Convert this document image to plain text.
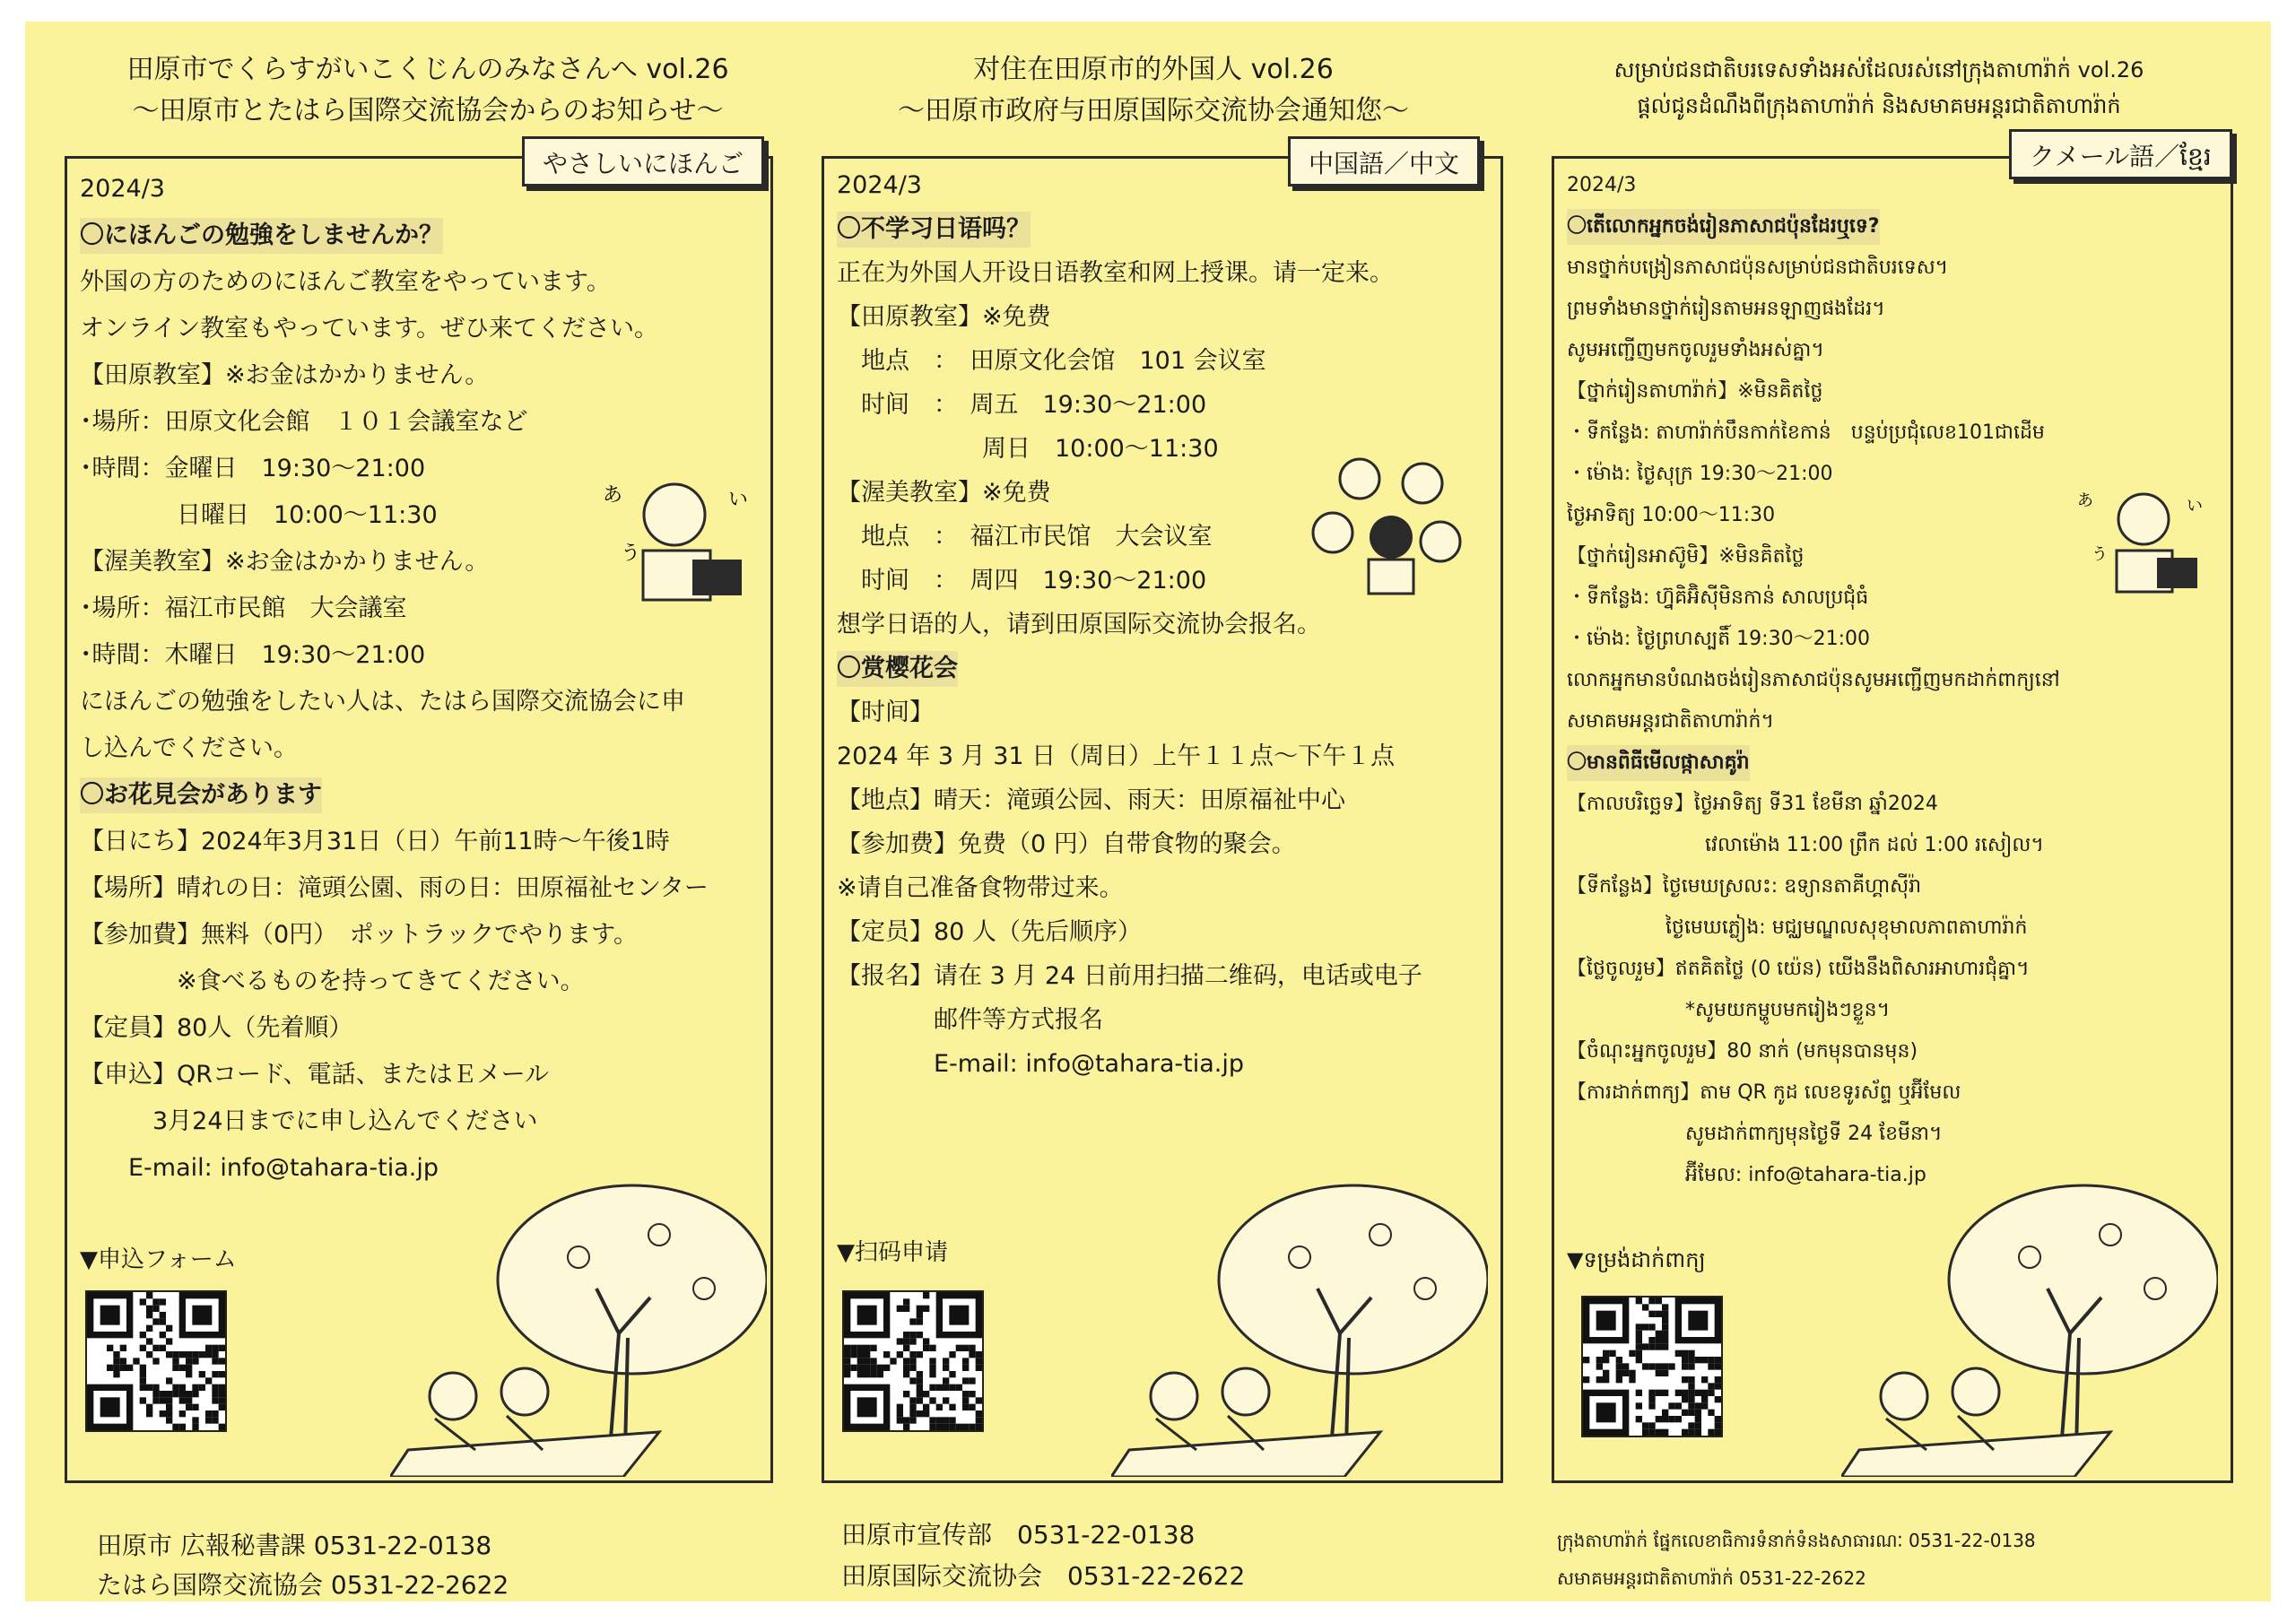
田原市でくらすがいこくじんのみなさんへ vol.26
〜田原市とたはら国際交流協会からのお知らせ〜
2024/3
〇にほんごの勉強をしませんか？
外国の方のためのにほんご教室をやっています。
オンライン教室もやっています。ぜひ来てください。
【田原教室】※お金はかかりません。
･場所：田原文化会館　１０１会議室など
･時間：金曜日　19:30〜21:00
　　　　日曜日　10:00〜11:30
【渥美教室】※お金はかかりません。
･場所：福江市民館　大会議室
･時間：木曜日　19:30〜21:00
にほんごの勉強をしたい人は、たはら国際交流協会に申
し込んでください。
〇お花見会があります
【日にち】2024年3月31日（日）午前11時〜午後1時
【場所】晴れの日：滝頭公園、雨の日：田原福祉センター
【参加費】無料（0円）　ポットラックでやります。
　　　　※食べるものを持ってきてください。
【定員】80人（先着順）
【申込】QRコード、電話、またはＥメール
　　　3月24日までに申し込んでください
　　E-mail: info@tahara-tia.jp
▼申込フォーム
やさしいにほんご
あ	い
う
田原市 広報秘書課 0531-22-0138
たはら国際交流協会 0531-22-2622
对住在田原市的外国人 vol.26
〜田原市政府与田原国际交流协会通知您〜
2024/3
〇不学习日语吗？
正在为外国人开设日语教室和网上授课。请一定来。
【田原教室】※免费
　地点　：　田原文化会馆　101 会议室
　时间　：　周五　19:30〜21:00
　　　　　　周日　10:00〜11:30
【渥美教室】※免费
　地点　：　福江市民馆　大会议室
　时间　：　周四　19:30〜21:00
想学日语的人，请到田原国际交流协会报名。
〇赏樱花会
【时间】
2024 年 3 月 31 日（周日）上午１１点〜下午１点
【地点】晴天：滝頭公园、雨天：田原福祉中心
【参加费】免费（0 円）自带食物的聚会。
※请自己准备食物带过来。
【定员】80 人（先后顺序）
【报名】请在 3 月 24 日前用扫描二维码，电话或电子
　　　　邮件等方式报名
　　　　E-mail: info@tahara-tia.jp
▼扫码申请
中国語／中文
田原市宣传部　0531-22-0138
田原国际交流协会　0531-22-2622
សម្រាប់ជនជាតិបរទេសទាំងអស់ដែលរស់នៅក្រុងតាហារ៉ាក់ vol.26
ផ្តល់ជូនដំណឹងពីក្រុងតាហារ៉ាក់ និងសមាគមអន្តរជាតិតាហារ៉ាក់
2024/3
〇តើលោកអ្នកចង់រៀនភាសាជប៉ុនដែរឬទេ?
មានថ្នាក់បង្រៀនភាសាជប៉ុនសម្រាប់ជនជាតិបរទេស។
ព្រមទាំងមានថ្នាក់រៀនតាមអនឡាញផងដែរ។
សូមអញ្ជើញមកចូលរួមទាំងអស់គ្នា។
【ថ្នាក់រៀនតាហារ៉ាក់】※មិនគិតថ្លៃ
・ទីកន្លែង: តាហារ៉ាក់បឹនកាក់ខៃកាន់　បន្ទប់ប្រជុំលេខ101ជាដើម
・ម៉ោង: ថ្ងៃសុក្រ 19:30〜21:00
ថ្ងៃអាទិត្យ 10:00〜11:30
【ថ្នាក់រៀនអាស៊ូមិ】※មិនគិតថ្លៃ
・ទីកន្លែង: ហ្វ៊ុគិអ៊ិស៊ីមិនកាន់ សាលប្រជុំធំ
・ម៉ោង: ថ្ងៃព្រហស្បតិ៍ 19:30〜21:00
លោកអ្នកមានបំណងចង់រៀនភាសាជប៉ុនសូមអញ្ជើញមកដាក់ពាក្យនៅ
សមាគមអន្តរជាតិតាហារ៉ាក់។
〇មានពិធីមើលផ្កាសាគូរ៉ា
【កាលបរិច្ឆេទ】ថ្ងៃអាទិត្យ ទី31 ខែមីនា ឆ្នាំ2024
　　　　　　　វេលាម៉ោង 11:00 ព្រឹក ដល់ 1:00 រសៀល។
【ទីកន្លែង】ថ្ងៃមេឃស្រលះ: ឧទ្យានតាគីហ្គាស៊ីរ៉ា
　　　　　ថ្ងៃមេឃភ្លៀង: មជ្ឈមណ្ឌលសុខុមាលភាពតាហារ៉ាក់
【ថ្លៃចូលរួម】ឥតគិតថ្លៃ (0 យ៉េន) យើងនឹងពិសារអាហារជុំគ្នា។
　　　　　　*សូមយកម្ហូបមករៀងៗខ្លួន។
【ចំណុះអ្នកចូលរួម】80 នាក់ (មកមុនបានមុន)
【ការដាក់ពាក្យ】តាម QR កូដ លេខទូរស័ព្ទ ឬអ៊ីមែល
　　　　　　សូមដាក់ពាក្យមុនថ្ងៃទី 24 ខែមីនា។
　　　　　　អ៊ីមែល: info@tahara-tia.jp
▼ទម្រង់ដាក់ពាក្យ
クメール語／ខ្មែរ
あ	い
う
ក្រុងតាហារ៉ាក់ ផ្នែកលេខាធិការទំនាក់ទំនងសាធារណៈ 0531-22-0138
សមាគមអន្តរជាតិតាហារ៉ាក់ 0531-22-2622
